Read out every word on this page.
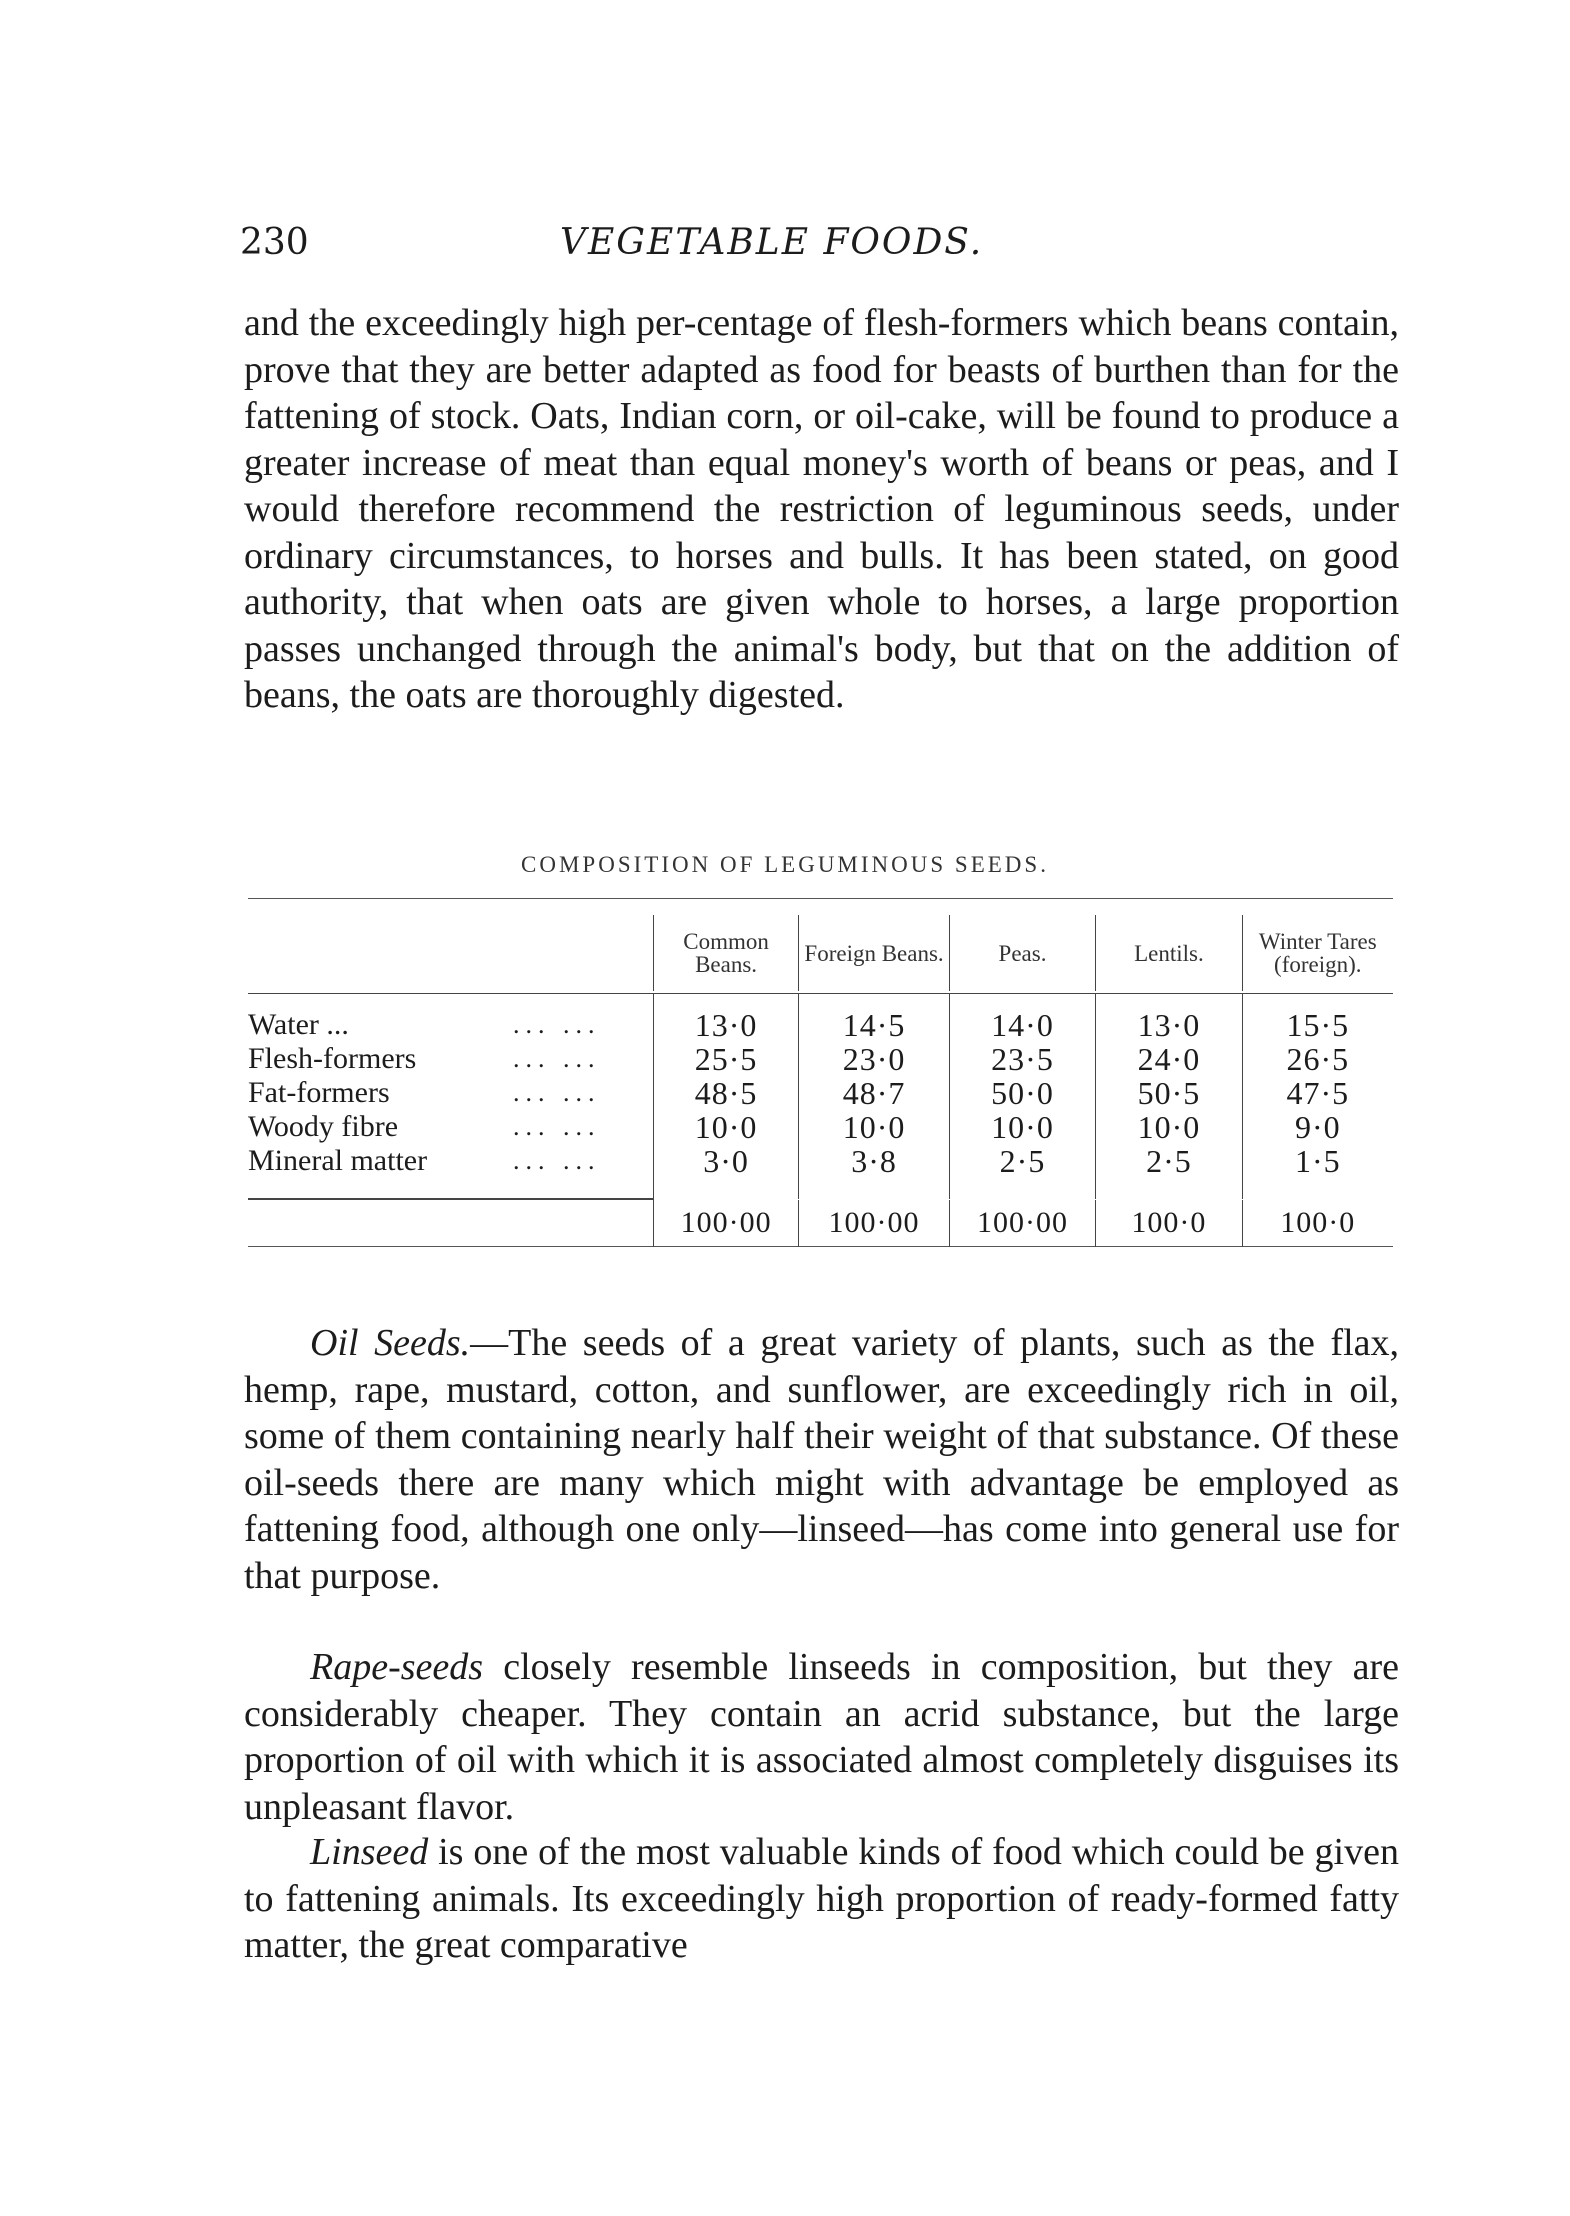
230	VEGETABLE FOODS.

and the exceedingly high per-centage of flesh-formers which beans contain, prove that they are better adapted as food for beasts of burthen than for the fattening of stock. Oats, Indian corn, or oil-cake, will be found to produce a greater increase of meat than equal money's worth of beans or peas, and I would therefore recommend the restriction of leguminous seeds, under ordinary circumstances, to horses and bulls. It has been stated, on good authority, that when oats are given whole to horses, a large proportion passes unchanged through the animal's body, but that on the addition of beans, the oats are thoroughly digested.

COMPOSITION OF LEGUMINOUS SEEDS.

	Common Beans.	Foreign Beans.	Peas.	Lentils.	Winter Tares (foreign).

Water ... ... ...	13·0	14·5	14·0	13·0	15·5
Flesh-formers ... ...	25·5	23·0	23·5	24·0	26·5
Fat-formers ... ...	48·5	48·7	50·0	50·5	47·5
Woody fibre ... ...	10·0	10·0	10·0	10·0	9·0
Mineral matter ... ...	3·0	3·8	2·5	2·5	1·5

	100·00	100·00	100·00	100·0	100·0

Oil Seeds.—The seeds of a great variety of plants, such as the flax, hemp, rape, mustard, cotton, and sunflower, are exceedingly rich in oil, some of them containing nearly half their weight of that substance. Of these oil-seeds there are many which might with advantage be employed as fattening food, although one only—linseed—has come into general use for that purpose.

Rape-seeds closely resemble linseeds in composition, but they are considerably cheaper. They contain an acrid substance, but the large proportion of oil with which it is associated almost completely disguises its unpleasant flavor.

Linseed is one of the most valuable kinds of food which could be given to fattening animals. Its exceedingly high proportion of ready-formed fatty matter, the great comparative
